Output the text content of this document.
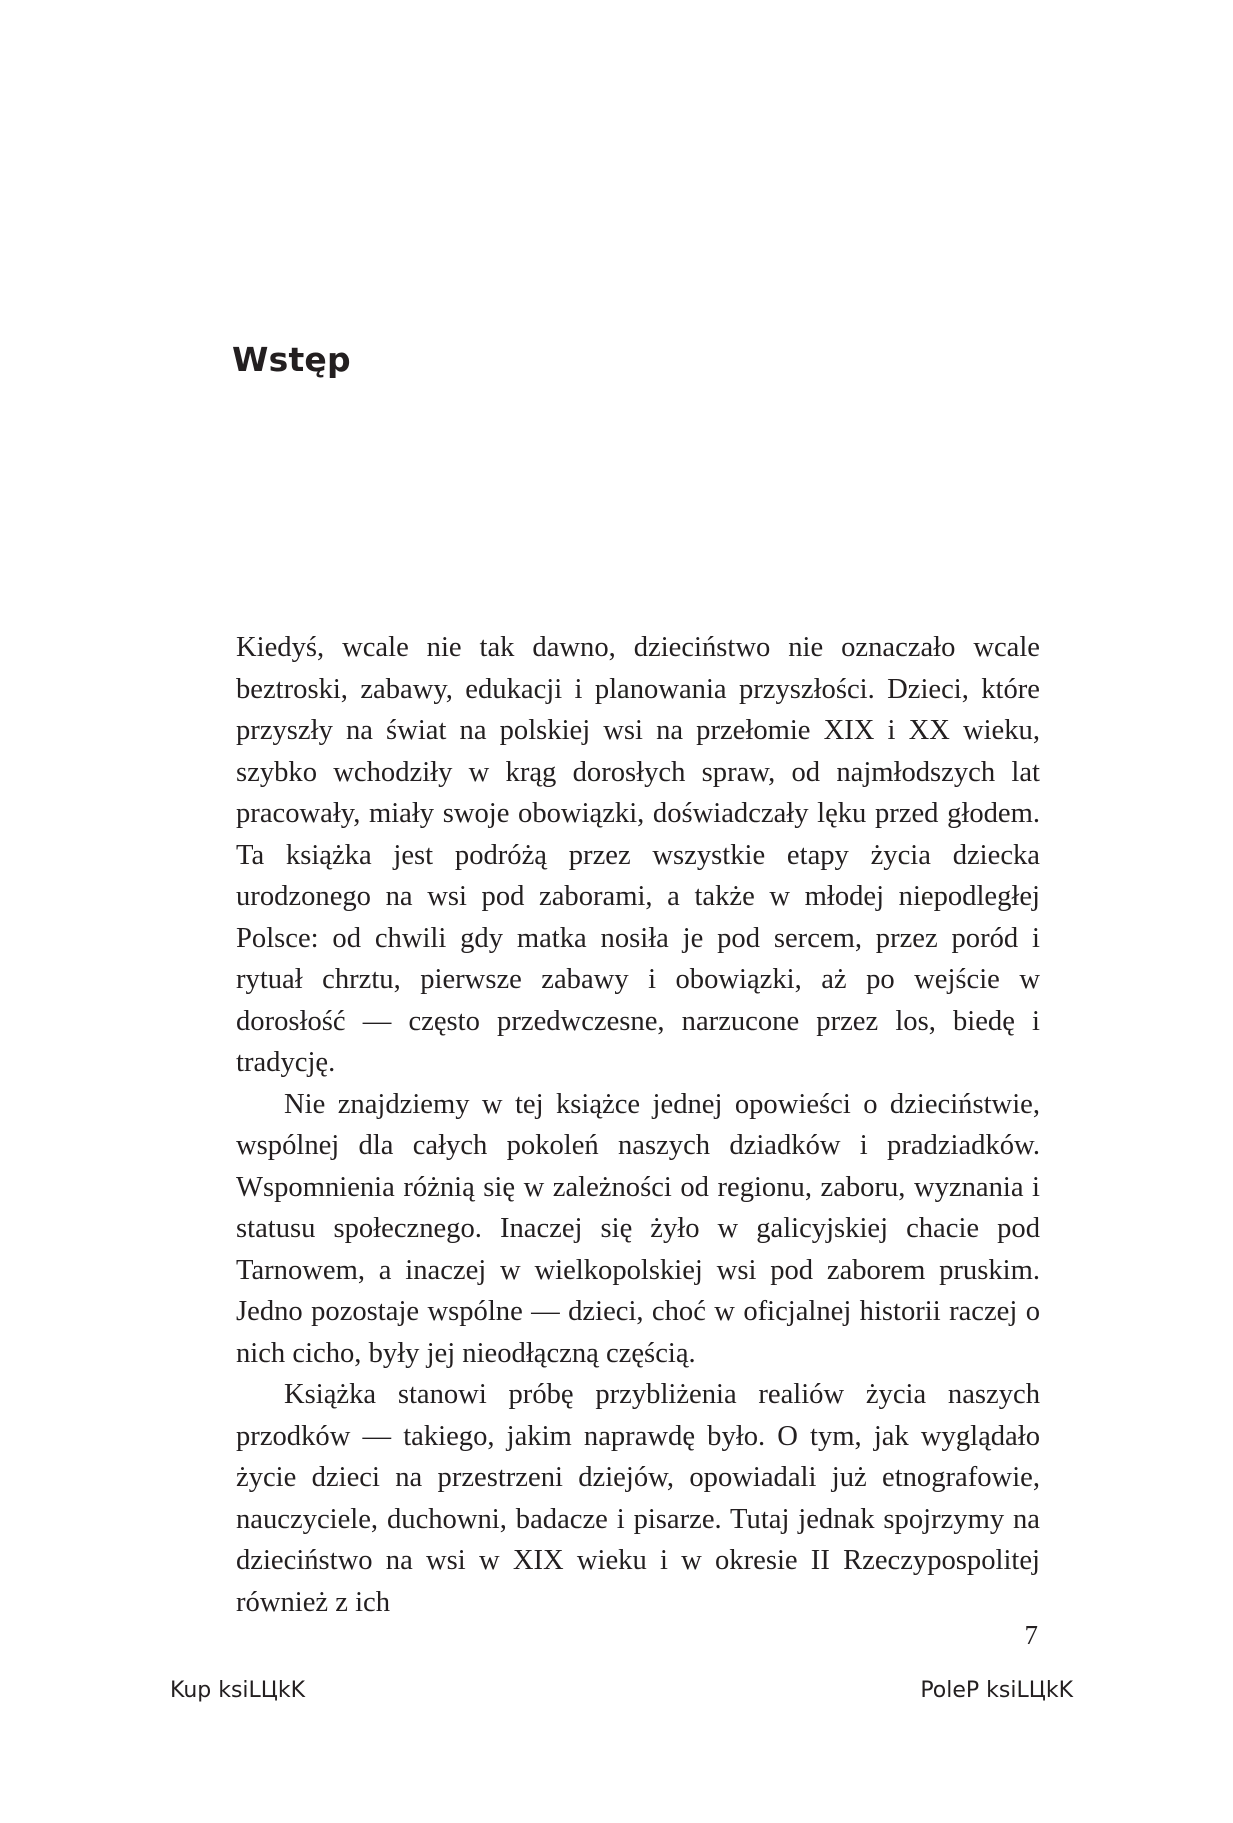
Wstęp

Kiedyś, wcale nie tak dawno, dzieciństwo nie oznaczało wcale beztroski, zabawy, edukacji i planowania przyszłości. Dzieci, które przyszły na świat na polskiej wsi na przełomie XIX i XX wieku, szybko wchodziły w krąg dorosłych spraw, od najmłodszych lat pracowały, miały swoje obowiązki, doświadczały lęku przed głodem. Ta książka jest podróżą przez wszystkie etapy życia dziecka urodzonego na wsi pod zaborami, a także w młodej niepodległej Polsce: od chwili gdy matka nosiła je pod sercem, przez poród i rytuał chrztu, pierwsze zabawy i obowiązki, aż po wejście w dorosłość — często przedwczesne, narzucone przez los, biedę i tradycję.

Nie znajdziemy w tej książce jednej opowieści o dzieciństwie, wspólnej dla całych pokoleń naszych dziadków i pradziadków. Wspomnienia różnią się w zależności od regionu, zaboru, wyznania i statusu społecznego. Inaczej się żyło w galicyjskiej chacie pod Tarnowem, a inaczej w wielkopolskiej wsi pod zaborem pruskim. Jedno pozostaje wspólne — dzieci, choć w oficjalnej historii raczej o nich cicho, były jej nieodłączną częścią.

Książka stanowi próbę przybliżenia realiów życia naszych przodków — takiego, jakim naprawdę było. O tym, jak wyglądało życie dzieci na przestrzeni dziejów, opowiadali już etnografowie, nauczyciele, duchowni, badacze i pisarze. Tutaj jednak spojrzymy na dzieciństwo na wsi w XIX wieku i w okresie II Rzeczypospolitej również z ich

7
Kup ksiLЦkK	PoleP ksiLЦkK
